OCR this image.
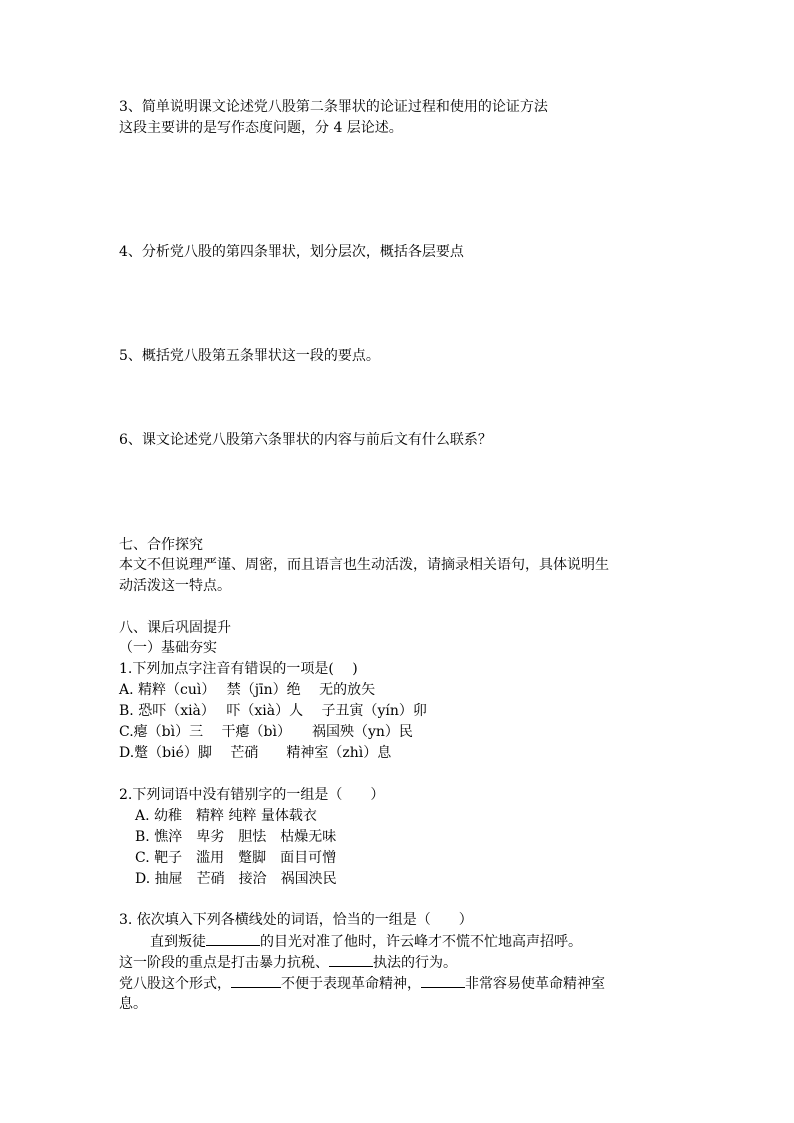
3、简单说明课文论述党八股第二条罪状的论证过程和使用的论证方法
这段主要讲的是写作态度问题，分 4 层论述。
4、分析党八股的第四条罪状，划分层次，概括各层要点
5、概括党八股第五条罪状这一段的要点。
6、课文论述党八股第六条罪状的内容与前后文有什么联系？
七、合作探究
本文不但说理严谨、周密，而且语言也生动活泼，请摘录相关语句，具体说明生
动活泼这一特点。
八、课后巩固提升
（一）基础夯实
1.下列加点字注音有错误的一项是(　 )
A. 精粹（cuì）　 禁（jīn）绝　 无的放矢
B. 恐吓（xià）　 吓（xià）人　 子丑寅（yín）卯
C.瘪（bì）三　 干瘪（bì）　　祸国殃（yn）民
D.蹩（bié）脚　 芒硝　　精神室（zhì）息
2.下列词语中没有错别字的一组是（　　）
A. 幼稚　精粹 纯粹 量体载衣
B. 憔淬　卑劣　胆怯　枯燥无味
C. 靶子　滥用　蹩脚　面目可憎
D. 抽屉　芒硝　接洽　祸国泱民
3. 依次填入下列各横线处的词语，恰当的一组是（　　）
直到叛徒	的目光对准了他时，许云峰才不慌不忙地高声招呼。
这一阶段的重点是打击暴力抗税、	执法的行为。
党八股这个形式，	不便于表现革命精神，	非常容易使革命精神室
息。
